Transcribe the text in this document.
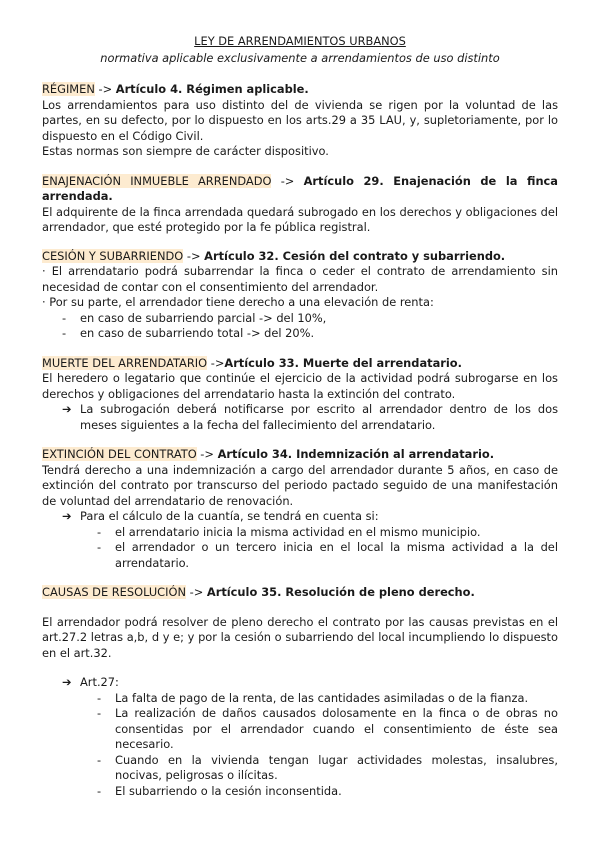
LEY DE ARRENDAMIENTOS URBANOS

normativa aplicable exclusivamente a arrendamientos de uso distinto

RÉGIMEN -> Artículo 4. Régimen aplicable.

Los arrendamientos para uso distinto del de vivienda se rigen por la voluntad de las partes, en su defecto, por lo dispuesto en los arts.29 a 35 LAU, y, supletoriamente, por lo dispuesto en el Código Civil.

Estas normas son siempre de carácter dispositivo.

ENAJENACIÓN INMUEBLE ARRENDADO -> Artículo 29. Enajenación de la finca arrendada.

El adquirente de la finca arrendada quedará subrogado en los derechos y obligaciones del arrendador, que esté protegido por la fe pública registral.

CESIÓN Y SUBARRIENDO -> Artículo 32. Cesión del contrato y subarriendo.

· El arrendatario podrá subarrendar la finca o ceder el contrato de arrendamiento sin necesidad de contar con el consentimiento del arrendador.

· Por su parte, el arrendador tiene derecho a una elevación de renta:

- en caso de subarriendo parcial -> del 10%,
- en caso de subarriendo total -> del 20%.

MUERTE DEL ARRENDATARIO ->Artículo 33. Muerte del arrendatario.

El heredero o legatario que continúe el ejercicio de la actividad podrá subrogarse en los derechos y obligaciones del arrendatario hasta la extinción del contrato.

➔ La subrogación deberá notificarse por escrito al arrendador dentro de los dos meses siguientes a la fecha del fallecimiento del arrendatario.

EXTINCIÓN DEL CONTRATO -> Artículo 34. Indemnización al arrendatario.

Tendrá derecho a una indemnización a cargo del arrendador durante 5 años, en caso de extinción del contrato por transcurso del periodo pactado seguido de una manifestación de voluntad del arrendatario de renovación.

➔ Para el cálculo de la cuantía, se tendrá en cuenta si:
- el arrendatario inicia la misma actividad en el mismo municipio.
- el arrendador o un tercero inicia en el local la misma actividad a la del arrendatario.

CAUSAS DE RESOLUCIÓN -> Artículo 35. Resolución de pleno derecho.

El arrendador podrá resolver de pleno derecho el contrato por las causas previstas en el art.27.2 letras a,b, d y e; y por la cesión o subarriendo del local incumpliendo lo dispuesto en el art.32.

➔ Art.27:
- La falta de pago de la renta, de las cantidades asimiladas o de la fianza.
- La realización de daños causados dolosamente en la finca o de obras no consentidas por el arrendador cuando el consentimiento de éste sea necesario.
- Cuando en la vivienda tengan lugar actividades molestas, insalubres, nocivas, peligrosas o ilícitas.
- El subarriendo o la cesión inconsentida.
